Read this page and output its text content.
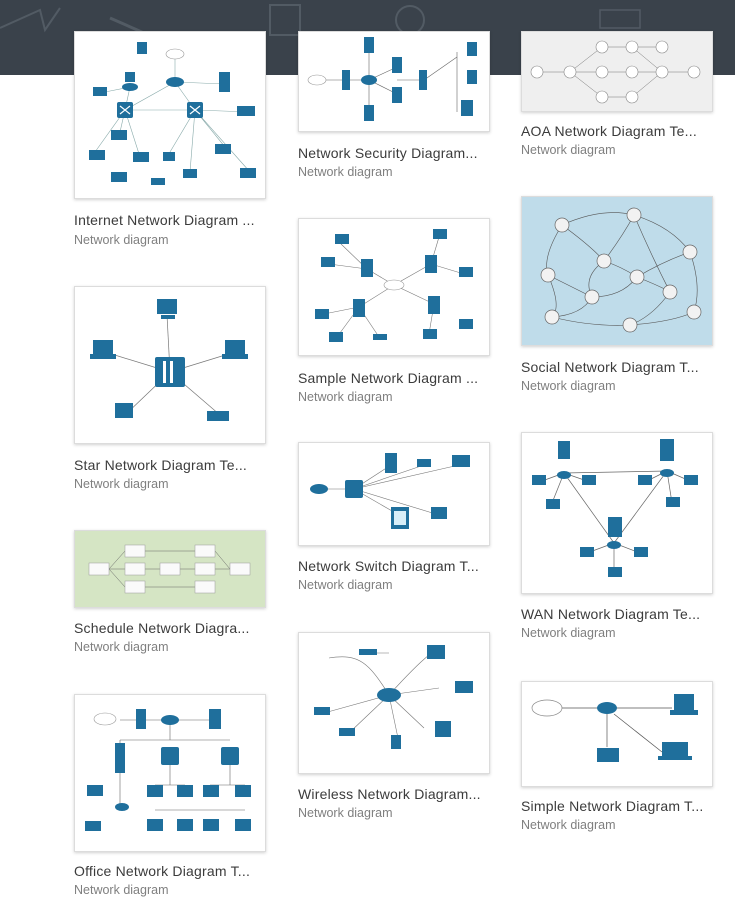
Internet Network Diagram ...
Network diagram
Star Network Diagram Te...
Network diagram
Schedule Network Diagra...
Network diagram
Office Network Diagram T...
Network diagram
Network Security Diagram...
Network diagram
Sample Network Diagram ...
Network diagram
Network Switch Diagram T...
Network diagram
Wireless Network Diagram...
Network diagram
AOA Network Diagram Te...
Network diagram
Social Network Diagram T...
Network diagram
WAN Network Diagram Te...
Network diagram
Simple Network Diagram T...
Network diagram
